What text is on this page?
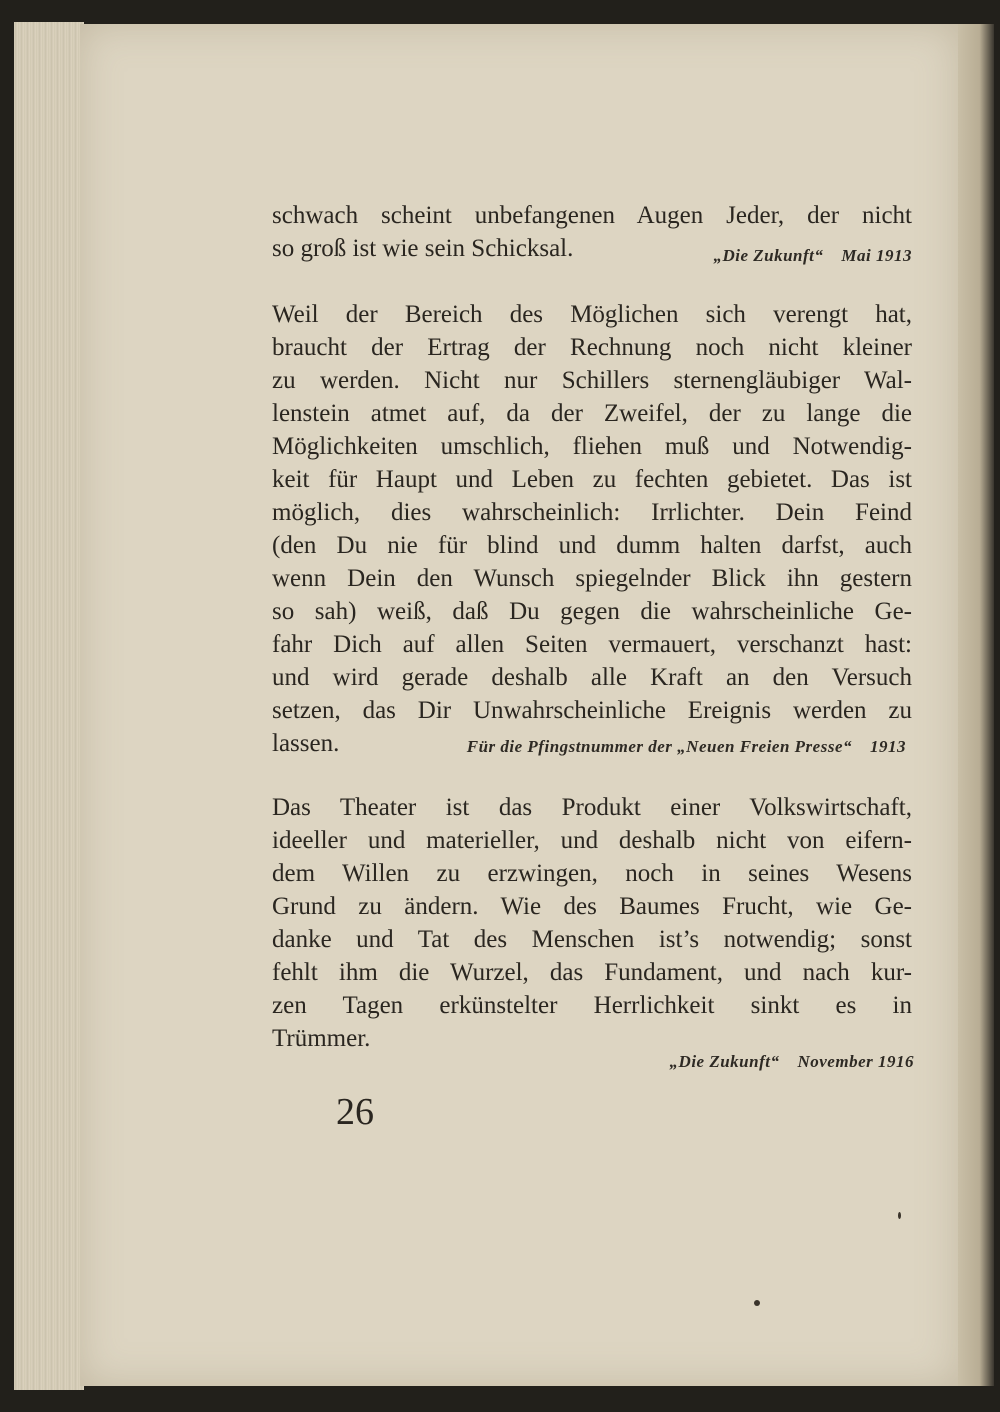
schwach scheint unbefangenen Augen Jeder, der nicht
so groß ist wie sein Schicksal.	„Die Zukunft“ Mai 1913
Weil der Bereich des Möglichen sich verengt hat,
braucht der Ertrag der Rechnung noch nicht kleiner
zu werden. Nicht nur Schillers sternengläubiger Wal-
lenstein atmet auf, da der Zweifel, der zu lange die
Möglichkeiten umschlich, fliehen muß und Notwendig-
keit für Haupt und Leben zu fechten gebietet. Das ist
möglich, dies wahrscheinlich: Irrlichter. Dein Feind
(den Du nie für blind und dumm halten darfst, auch
wenn Dein den Wunsch spiegelnder Blick ihn gestern
so sah) weiß, daß Du gegen die wahrscheinliche Ge-
fahr Dich auf allen Seiten vermauert, verschanzt hast:
und wird gerade deshalb alle Kraft an den Versuch
setzen, das Dir Unwahrscheinliche Ereignis werden zu
lassen.	Für die Pfingstnummer der „Neuen Freien Presse“ 1913
Das Theater ist das Produkt einer Volkswirtschaft,
ideeller und materieller, und deshalb nicht von eifern-
dem Willen zu erzwingen, noch in seines Wesens
Grund zu ändern. Wie des Baumes Frucht, wie Ge-
danke und Tat des Menschen ist’s notwendig; sonst
fehlt ihm die Wurzel, das Fundament, und nach kur-
zen Tagen erkünstelter Herrlichkeit sinkt es in
Trümmer.
„Die Zukunft“ November 1916
26
